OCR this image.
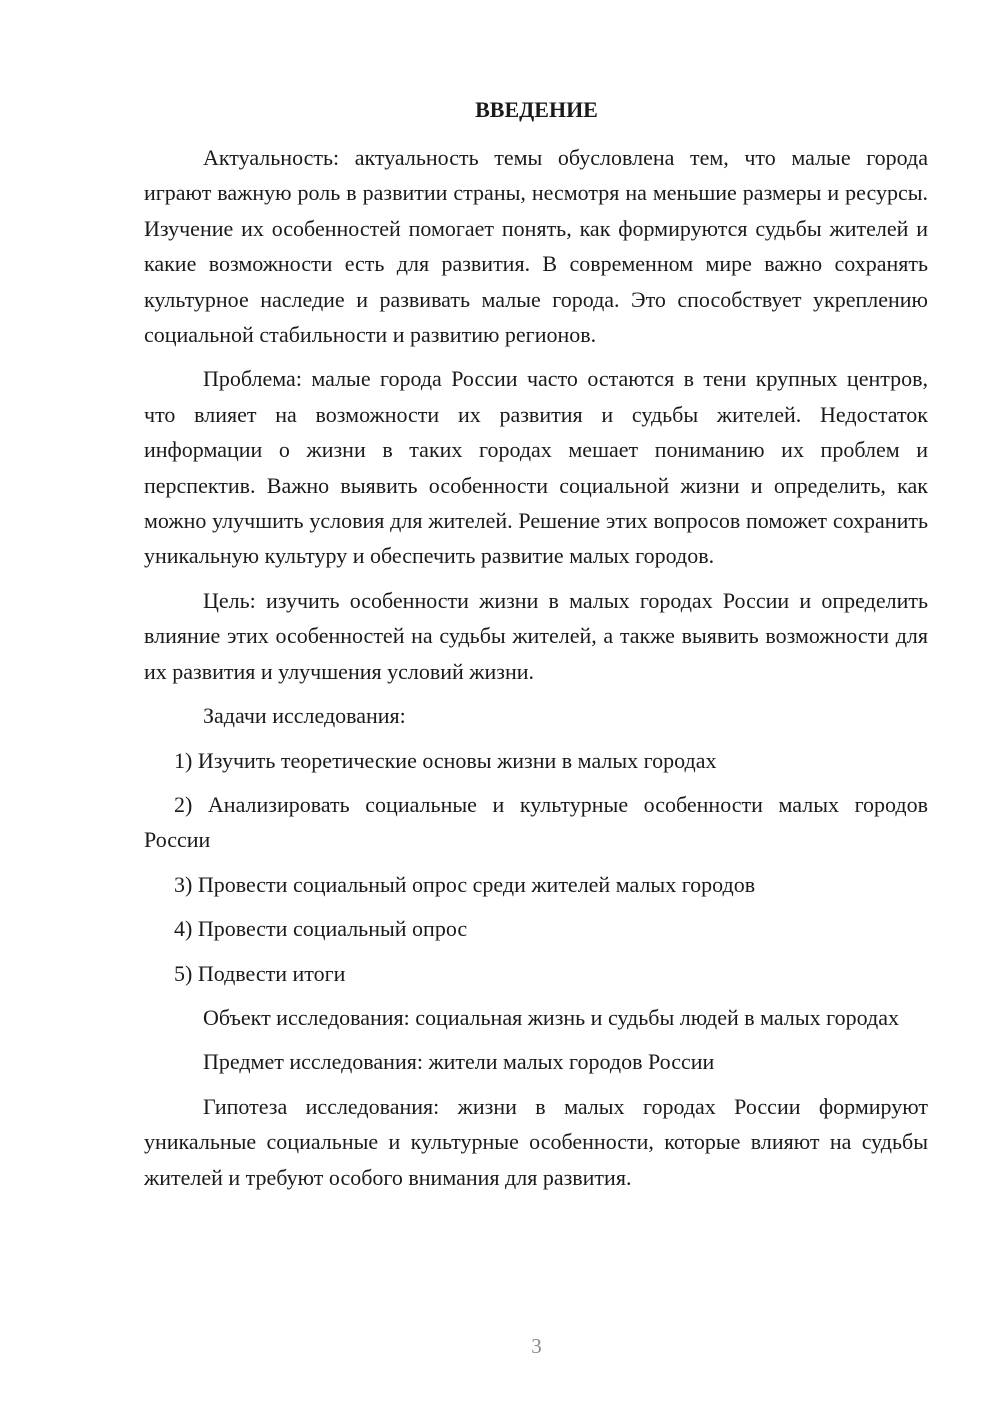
ВВЕДЕНИЕ

Актуальность: актуальность темы обусловлена тем, что малые города играют важную роль в развитии страны, несмотря на меньшие размеры и ресурсы. Изучение их особенностей помогает понять, как формируются судьбы жителей и какие возможности есть для развития. В современном мире важно сохранять культурное наследие и развивать малые города. Это способствует укреплению социальной стабильности и развитию регионов.

Проблема: малые города России часто остаются в тени крупных центров, что влияет на возможности их развития и судьбы жителей. Недостаток информации о жизни в таких городах мешает пониманию их проблем и перспектив. Важно выявить особенности социальной жизни и определить, как можно улучшить условия для жителей. Решение этих вопросов поможет сохранить уникальную культуру и обеспечить развитие малых городов.

Цель: изучить особенности жизни в малых городах России и определить влияние этих особенностей на судьбы жителей, а также выявить возможности для их развития и улучшения условий жизни.

Задачи исследования:

1) Изучить теоретические основы жизни в малых городах

2) Анализировать социальные и культурные особенности малых городов России

3) Провести социальный опрос среди жителей малых городов

4) Провести социальный опрос

5) Подвести итоги

Объект исследования: социальная жизнь и судьбы людей в малых городах

Предмет исследования: жители малых городов России

Гипотеза исследования: жизни в малых городах России формируют уникальные социальные и культурные особенности, которые влияют на судьбы жителей и требуют особого внимания для развития.

3
